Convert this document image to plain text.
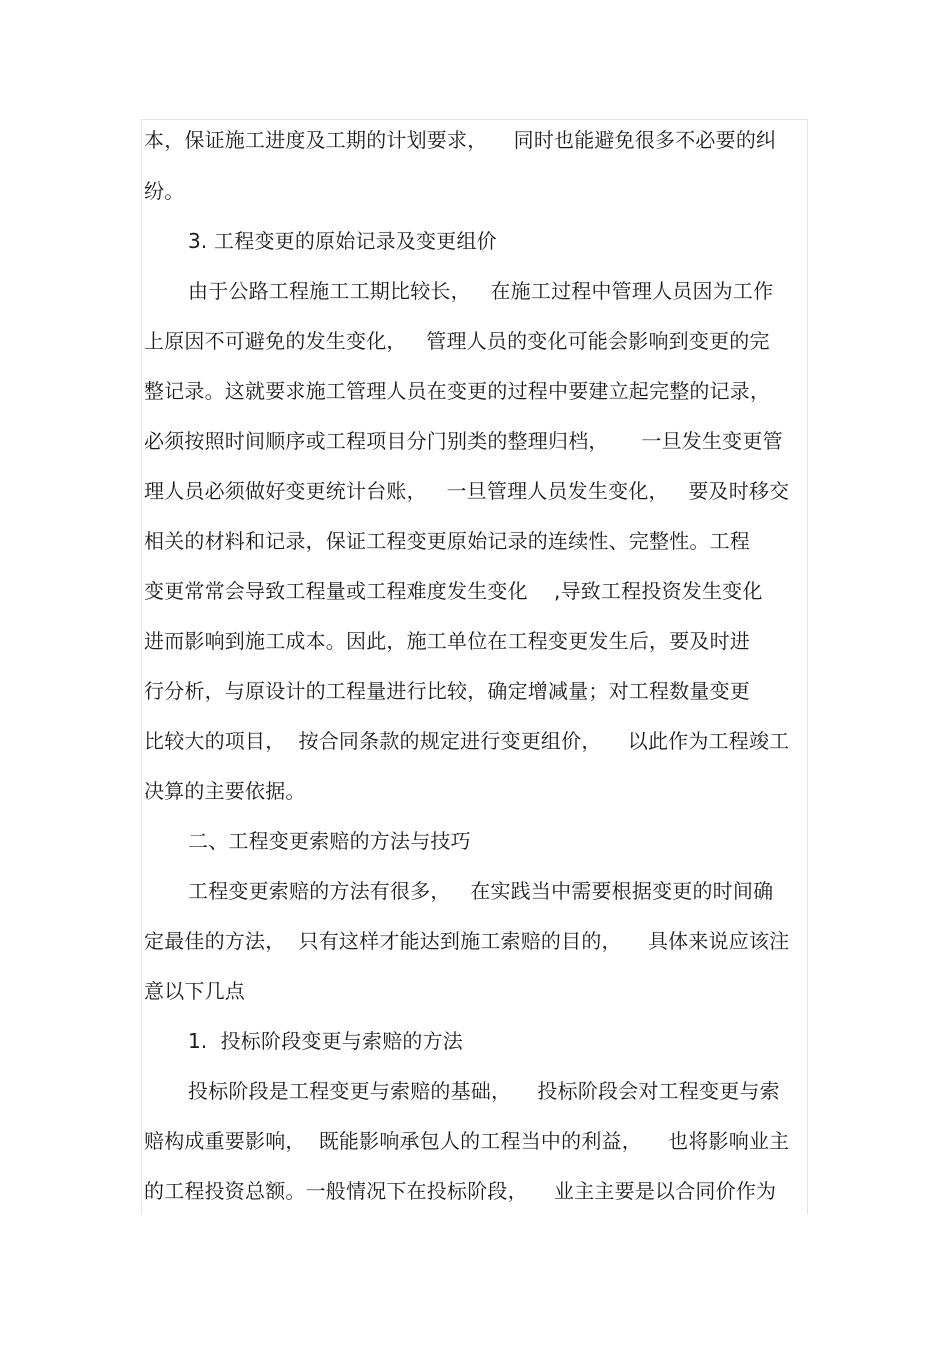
本，保证施工进度及工期的计划要求，    同时也能避免很多不必要的纠
纷。
3. 工程变更的原始记录及变更组价
由于公路工程施工工期比较长，   在施工过程中管理人员因为工作
上原因不可避免的发生变化，   管理人员的变化可能会影响到变更的完
整记录。这就要求施工管理人员在变更的过程中要建立起完整的记录，
必须按照时间顺序或工程项目分门别类的整理归档，     一旦发生变更管
理人员必须做好变更统计台账，   一旦管理人员发生变化，   要及时移交
相关的材料和记录，保证工程变更原始记录的连续性、完整性。工程
变更常常会导致工程量或工程难度发生变化    ,导致工程投资发生变化
进而影响到施工成本。因此，施工单位在工程变更发生后，要及时进
行分析，与原设计的工程量进行比较，确定增减量；对工程数量变更
比较大的项目，  按合同条款的规定进行变更组价，    以此作为工程竣工
决算的主要依据。
二、工程变更索赔的方法与技巧
工程变更索赔的方法有很多，   在实践当中需要根据变更的时间确
定最佳的方法，  只有这样才能达到施工索赔的目的，    具体来说应该注
意以下几点
1.  投标阶段变更与索赔的方法
投标阶段是工程变更与索赔的基础，    投标阶段会对工程变更与索
赔构成重要影响，  既能影响承包人的工程当中的利益，    也将影响业主
的工程投资总额。一般情况下在投标阶段，    业主主要是以合同价作为
